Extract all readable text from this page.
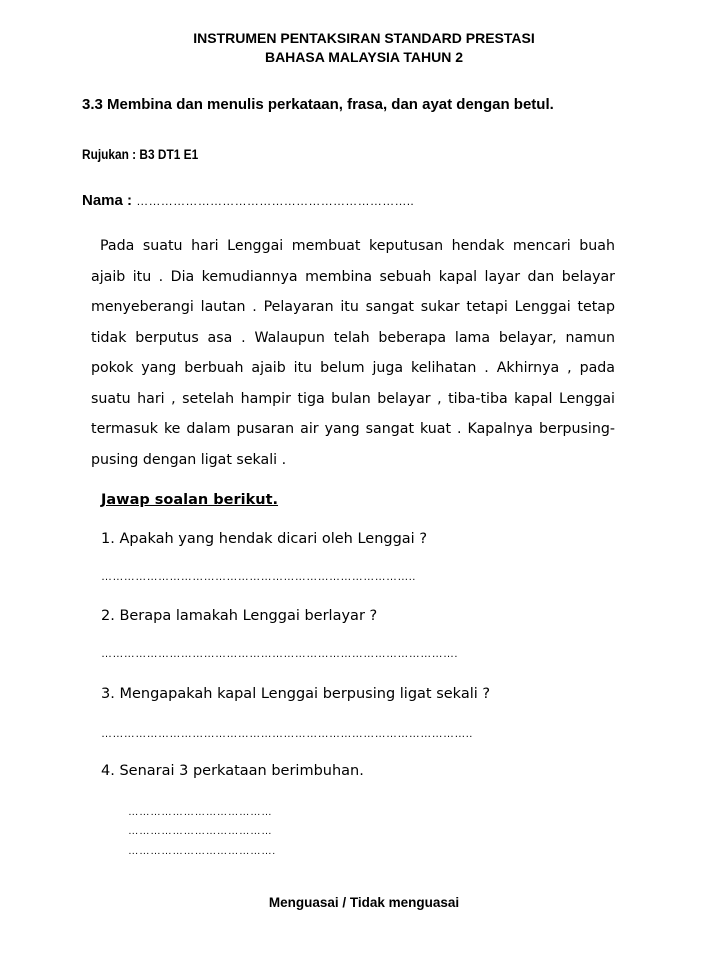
INSTRUMEN PENTAKSIRAN STANDARD PRESTASI
BAHASA MALAYSIA TAHUN 2
3.3 Membina dan menulis perkataan, frasa, dan ayat dengan betul.
Rujukan : B3 DT1 E1
Nama : …………………………………………………………..
Pada suatu hari Lenggai membuat keputusan hendak mencari buah ajaib itu . Dia kemudiannya membina sebuah kapal layar dan belayar menyeberangi lautan . Pelayaran itu sangat sukar tetapi Lenggai tetap tidak berputus asa . Walaupun telah beberapa lama belayar, namun pokok yang berbuah ajaib itu belum juga kelihatan . Akhirnya , pada suatu hari , setelah hampir tiga bulan belayar , tiba-tiba kapal Lenggai termasuk ke dalam pusaran air yang sangat kuat . Kapalnya berpusing-pusing dengan ligat sekali .
Jawap soalan berikut.
1. Apakah yang hendak dicari oleh Lenggai ?
………………………………………………………………………..
2. Berapa lamakah Lenggai berlayar ?
………………………………………………………………………………….
3. Mengapakah kapal Lenggai berpusing ligat sekali ?
……………………………………………………………………………………..
4. Senarai 3 perkataan berimbuhan.
…………………………………
…………………………………
………………………………….
Menguasai / Tidak menguasai
